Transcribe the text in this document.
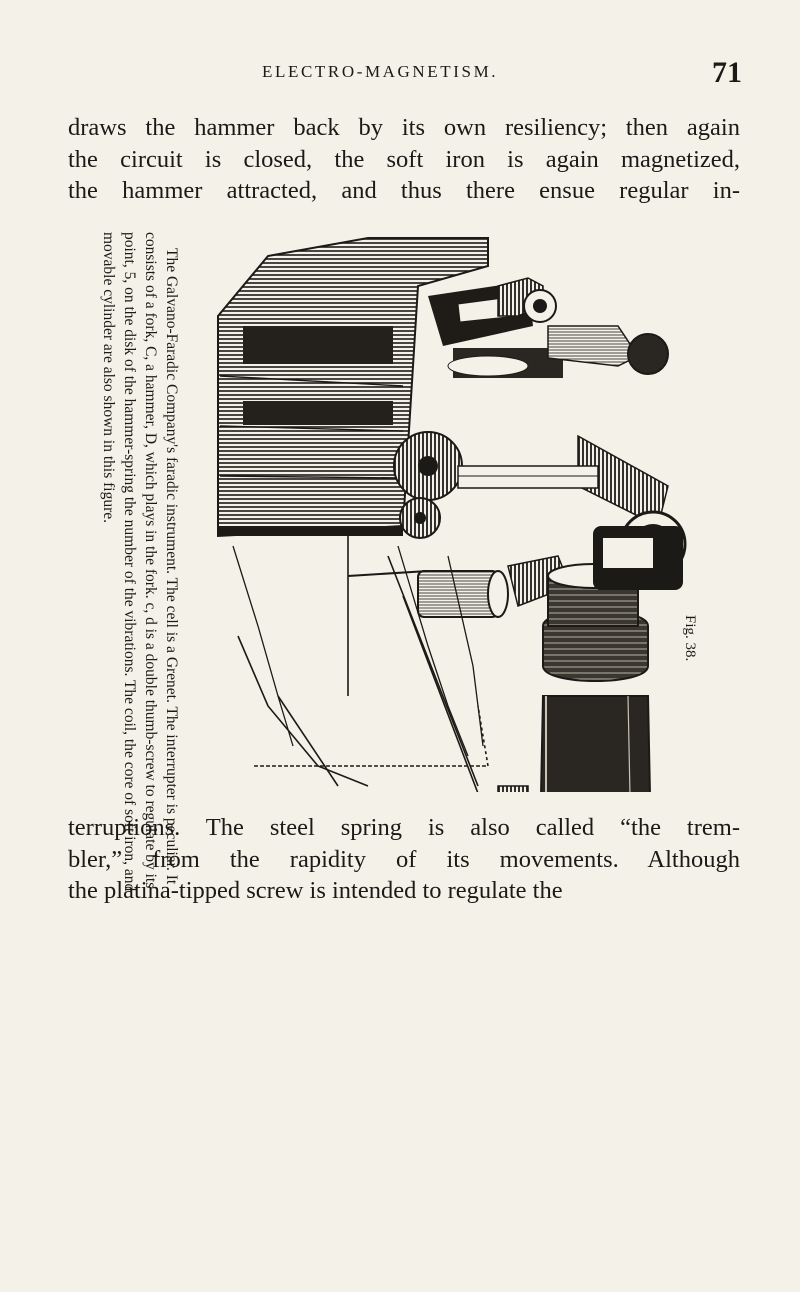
ELECTRO-MAGNETISM.	71
draws the hammer back by its own resiliency; then again
the circuit is closed, the soft iron is again magnetized,
the hammer attracted, and thus there ensue regular in-
The Galvano-Faradic Company's faradic instrument. The cell is a Grenet. The interrupter is peculiar. It
consists of a fork, C, a hammer, D, which plays in the fork. c, d is a double thumb-screw to regulate by its
point, 5, on the disk of the hammer-spring the number of the vibrations. The coil, the core of soft iron, and
movable cylinder are also shown in this figure.
Fig. 38.
terruptions. The steel spring is also called “the trem-
bler,” from the rapidity of its movements. Although
the platina-tipped screw is intended to regulate the
